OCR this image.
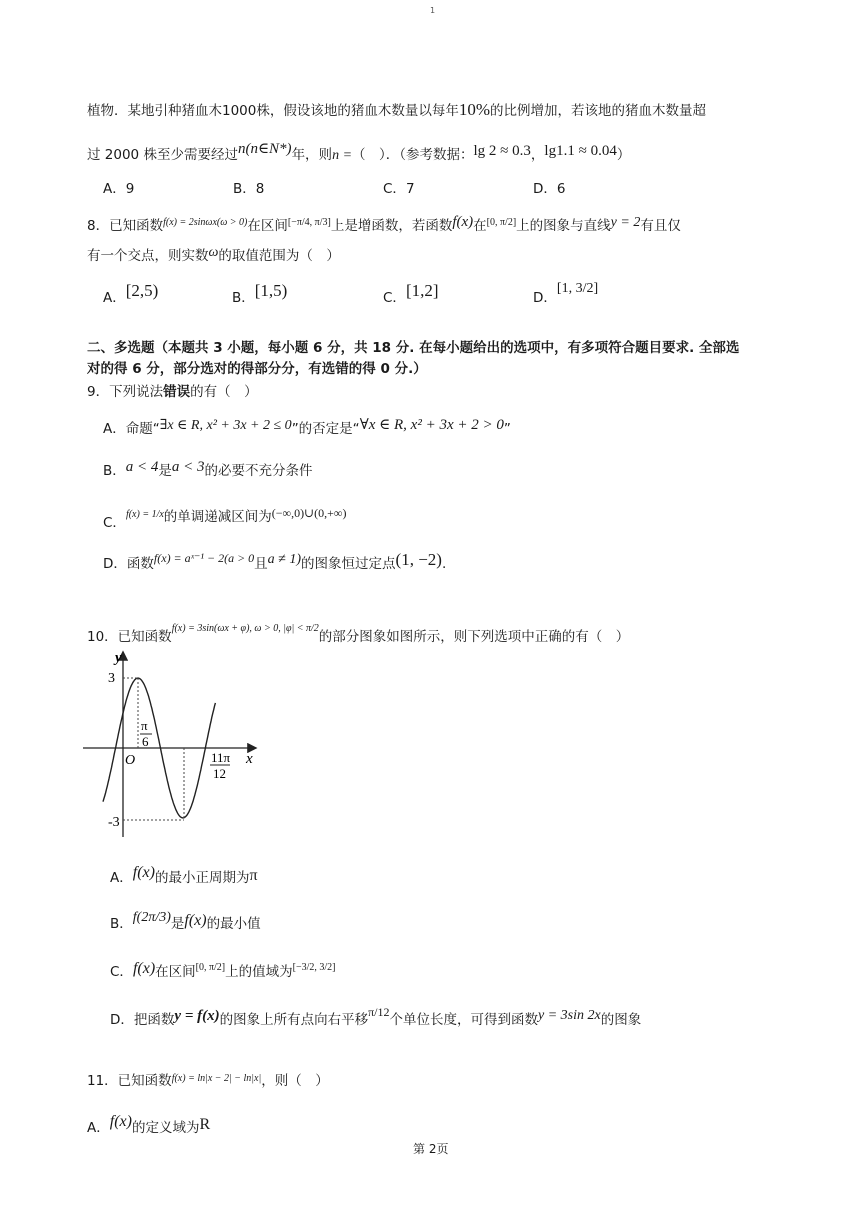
1
植物．某地引种猪血木1000株，假设该地的猪血木数量以每年10%的比例增加，若该地的猪血木数量超
过 2000 株至少需要经过n(n∈N*)年，则n =（　）．（参考数据：lg 2 ≈ 0.3，lg1.1 ≈ 0.04）
A．9	B．8	C．7	D．6
8．已知函数$^{f(x) = 2sin\omega x(\omega > 0)}$在区间[−π/4, π/3]上是增函数，若函数f(x)在[0, π/2]上的图象与直线y = 2有且仅
有一个交点，则实数ω的取值范围为（　）
A．[2,5)	B．[1,5)	C．[1,2]	D．[1, 3/2]
二、多选题（本题共 3 小题，每小题 6 分，共 18 分. 在每小题给出的选项中，有多项符合题目要求. 全部选
对的得 6 分，部分选对的得部分分，有选错的得 0 分.）
9．下列说法错误的有（　）
A．命题“∃x ∈ R, x² + 3x + 2 ≤ 0”的否定是“∀x ∈ R, x² + 3x + 2 > 0”
B．a < 4是a < 3的必要不充分条件
C．$^{f(x) = 1/x}$的单调递减区间为(−∞,0)∪(0,+∞)
D．函数f(x) = aˣ⁻¹ − 2(a > 0且a ≠ 1)的图象恒过定点(1, −2).
10．已知函数$^{f(x) = 3sin(\omega x + \varphi), \omega > 0, |\varphi| < \pi/2}$的部分图象如图所示，则下列选项中正确的有（　）
y
x
3
-3
O
π
6
11π
12
A．f(x)的最小正周期为π
B．f(2π/3)是f(x)的最小值
C．f(x)在区间[0, π/2]上的值域为[−3/2, 3/2]
D．把函数y = f(x)的图象上所有点向右平移π/12个单位长度，可得到函数y = 3sin 2x的图象
11．已知函数$^{f(x) = ln|x - 2| - ln|x|}$，则（　）
A．f(x)的定义域为R
第 2页
